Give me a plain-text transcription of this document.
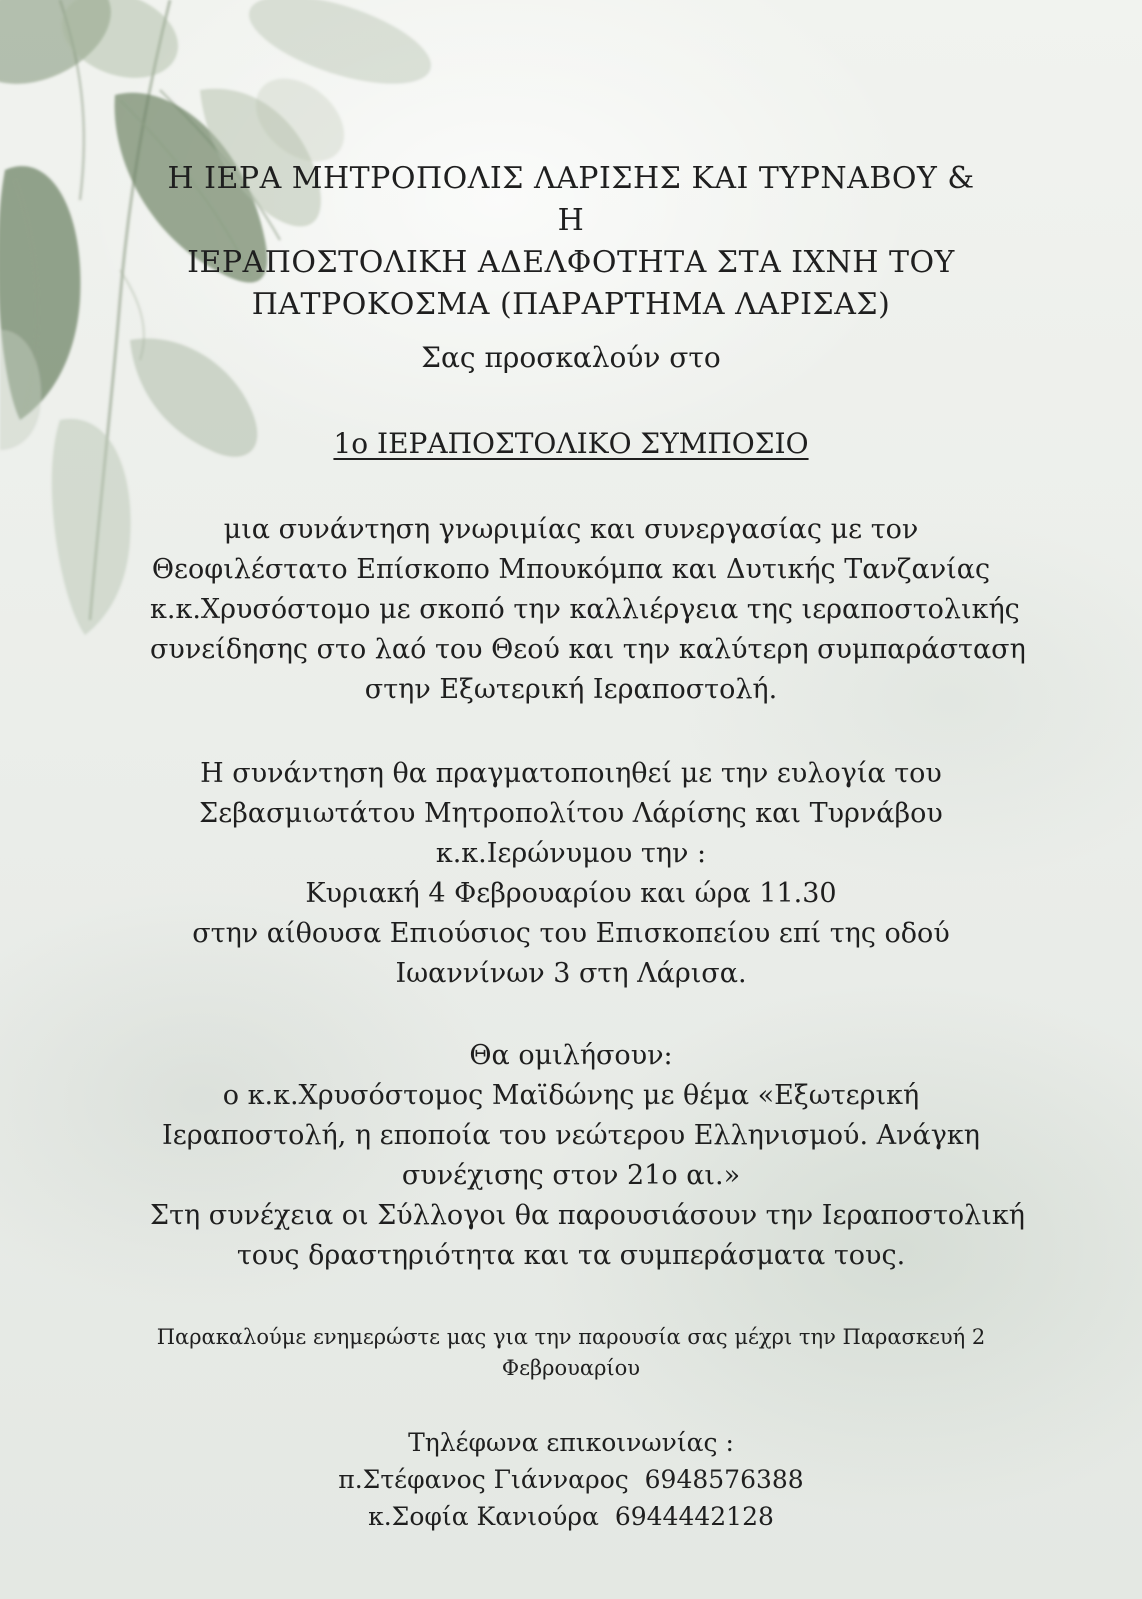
Η ΙΕΡΑ ΜΗΤΡΟΠΟΛΙΣ ΛΑΡΙΣΗΣ ΚΑΙ ΤΥΡΝΑΒΟΥ & Η
ΙΕΡΑΠΟΣΤΟΛΙΚΗ ΑΔΕΛΦΟΤΗΤΑ ΣΤΑ ΙΧΝΗ ΤΟΥ
ΠΑΤΡΟΚΟΣΜΑ (ΠΑΡΑΡΤΗΜΑ ΛΑΡΙΣΑΣ)

Σας προσκαλούν στο

1ο ΙΕΡΑΠΟΣΤΟΛΙΚΟ ΣΥΜΠΟΣΙΟ

μια συνάντηση γνωριμίας και συνεργασίας με τον
Θεοφιλέστατο Επίσκοπο Μπουκόμπα και Δυτικής Τανζανίας
κ.κ.Χρυσόστομο με σκοπό την καλλιέργεια της ιεραποστολικής
συνείδησης στο λαό του Θεού και την καλύτερη συμπαράσταση
στην Εξωτερική Ιεραποστολή.

Η συνάντηση θα πραγματοποιηθεί με την ευλογία του
Σεβασμιωτάτου Μητροπολίτου Λάρίσης και Τυρνάβου
κ.κ.Ιερώνυμου την :
Κυριακή 4 Φεβρουαρίου και ώρα 11.30
στην αίθουσα Επιούσιος του Επισκοπείου επί της οδού
Ιωαννίνων 3 στη Λάρισα.

Θα ομιλήσουν:
ο κ.κ.Χρυσόστομος Μαϊδώνης με θέμα «Εξωτερική
Ιεραποστολή, η εποποία του νεώτερου Ελληνισμού. Ανάγκη
συνέχισης στον 21ο αι.»
Στη συνέχεια οι Σύλλογοι θα παρουσιάσουν την Ιεραποστολική
τους δραστηριότητα και τα συμπεράσματα τους.

Παρακαλούμε ενημερώστε μας για την παρουσία σας μέχρι την Παρασκευή 2
Φεβρουαρίου

Τηλέφωνα επικοινωνίας :
π.Στέφανος Γιάνναρος 6948576388
κ.Σοφία Κανιούρα 6944442128
